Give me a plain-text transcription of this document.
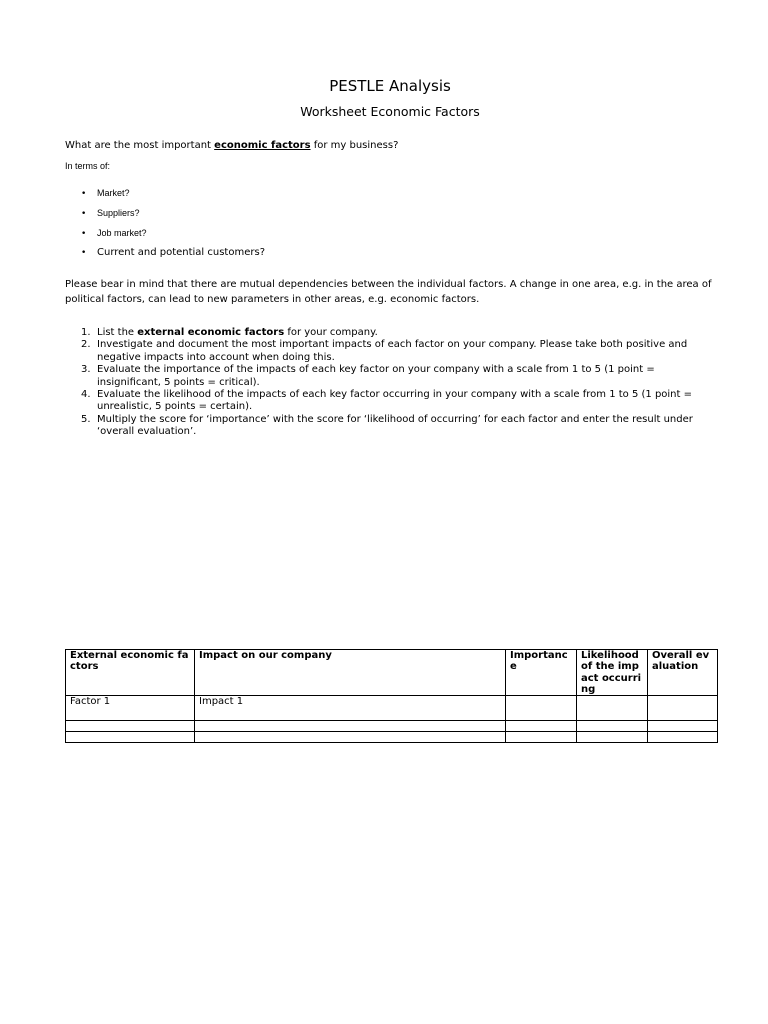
PESTLE Analysis
Worksheet Economic Factors
What are the most important economic factors for my business?
In terms of:
• Market?
• Suppliers?
• Job market?
• Current and potential customers?
Please bear in mind that there are mutual dependencies between the individual factors. A change in one area, e.g. in the area of political factors, can lead to new parameters in other areas, e.g. economic factors.
1. List the external economic factors for your company.
2. Investigate and document the most important impacts of each factor on your company. Please take both positive and negative impacts into account when doing this.
3. Evaluate the importance of the impacts of each key factor on your company with a scale from 1 to 5 (1 point = insignificant, 5 points = critical).
4. Evaluate the likelihood of the impacts of each key factor occurring in your company with a scale from 1 to 5 (1 point = unrealistic, 5 points = certain).
5. Multiply the score for ‘importance’ with the score for ‘likelihood of occurring’ for each factor and enter the result under ‘overall evaluation’.
External economic factors	Impact on our company	Importance	Likelihood of the impact occurring	Overall evaluation
Factor 1	Impact 1			
